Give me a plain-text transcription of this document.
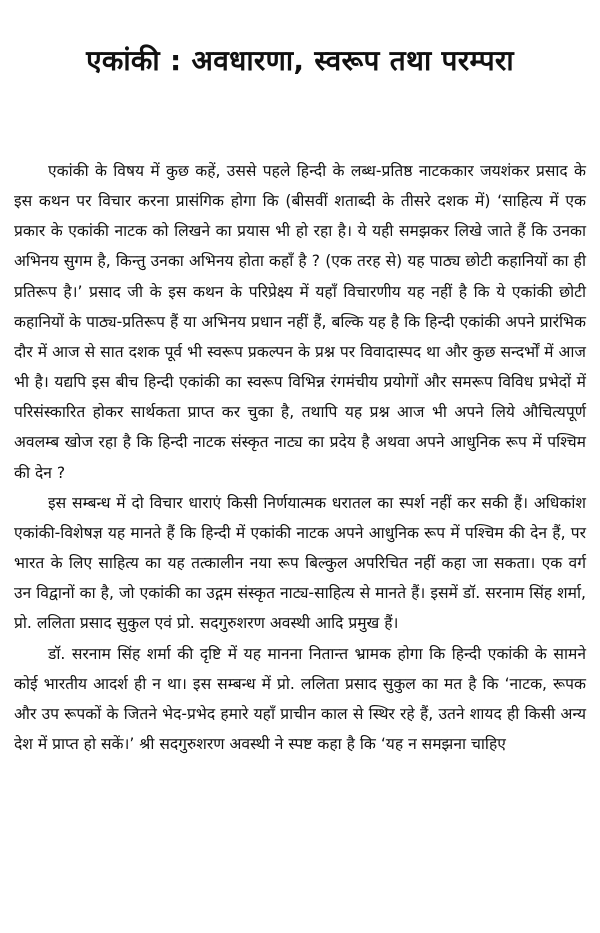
एकांकी : अवधारणा, स्वरूप तथा परम्परा

एकांकी के विषय में कुछ कहें, उससे पहले हिन्दी के लब्ध-प्रतिष्ठ नाटककार जयशंकर प्रसाद के इस कथन पर विचार करना प्रासंगिक होगा कि (बीसवीं शताब्दी के तीसरे दशक में) ‘साहित्य में एक प्रकार के एकांकी नाटक को लिखने का प्रयास भी हो रहा है। ये यही समझकर लिखे जाते हैं कि उनका अभिनय सुगम है, किन्तु उनका अभिनय होता कहाँ है ? (एक तरह से) यह पाठ्य छोटी कहानियों का ही प्रतिरूप है।’ प्रसाद जी के इस कथन के परिप्रेक्ष्य में यहाँ विचारणीय यह नहीं है कि ये एकांकी छोटी कहानियों के पाठ्य-प्रतिरूप हैं या अभिनय प्रधान नहीं हैं, बल्कि यह है कि हिन्दी एकांकी अपने प्रारंभिक दौर में आज से सात दशक पूर्व भी स्वरूप प्रकल्पन के प्रश्न पर विवादास्पद था और कुछ सन्दर्भों में आज भी है। यद्यपि इस बीच हिन्दी एकांकी का स्वरूप विभिन्न रंगमंचीय प्रयोगों और समरूप विविध प्रभेदों में परिसंस्कारित होकर सार्थकता प्राप्त कर चुका है, तथापि यह प्रश्न आज भी अपने लिये औचित्यपूर्ण अवलम्ब खोज रहा है कि हिन्दी नाटक संस्कृत नाट्य का प्रदेय है अथवा अपने आधुनिक रूप में पश्चिम की देन ?

इस सम्बन्ध में दो विचार धाराएं किसी निर्णयात्मक धरातल का स्पर्श नहीं कर सकी हैं। अधिकांश एकांकी-विशेषज्ञ यह मानते हैं कि हिन्दी में एकांकी नाटक अपने आधुनिक रूप में पश्चिम की देन हैं, पर भारत के लिए साहित्य का यह तत्कालीन नया रूप बिल्कुल अपरिचित नहीं कहा जा सकता। एक वर्ग उन विद्वानों का है, जो एकांकी का उद्गम संस्कृत नाट्य-साहित्य से मानते हैं। इसमें डॉ. सरनाम सिंह शर्मा, प्रो. ललिता प्रसाद सुकुल एवं प्रो. सदगुरुशरण अवस्थी आदि प्रमुख हैं।

डॉ. सरनाम सिंह शर्मा की दृष्टि में यह मानना नितान्त भ्रामक होगा कि हिन्दी एकांकी के सामने कोई भारतीय आदर्श ही न था। इस सम्बन्ध में प्रो. ललिता प्रसाद सुकुल का मत है कि ‘नाटक, रूपक और उप रूपकों के जितने भेद-प्रभेद हमारे यहाँ प्राचीन काल से स्थिर रहे हैं, उतने शायद ही किसी अन्य देश में प्राप्त हो सकें।’ श्री सदगुरुशरण अवस्थी ने स्पष्ट कहा है कि ‘यह न समझना चाहिए
